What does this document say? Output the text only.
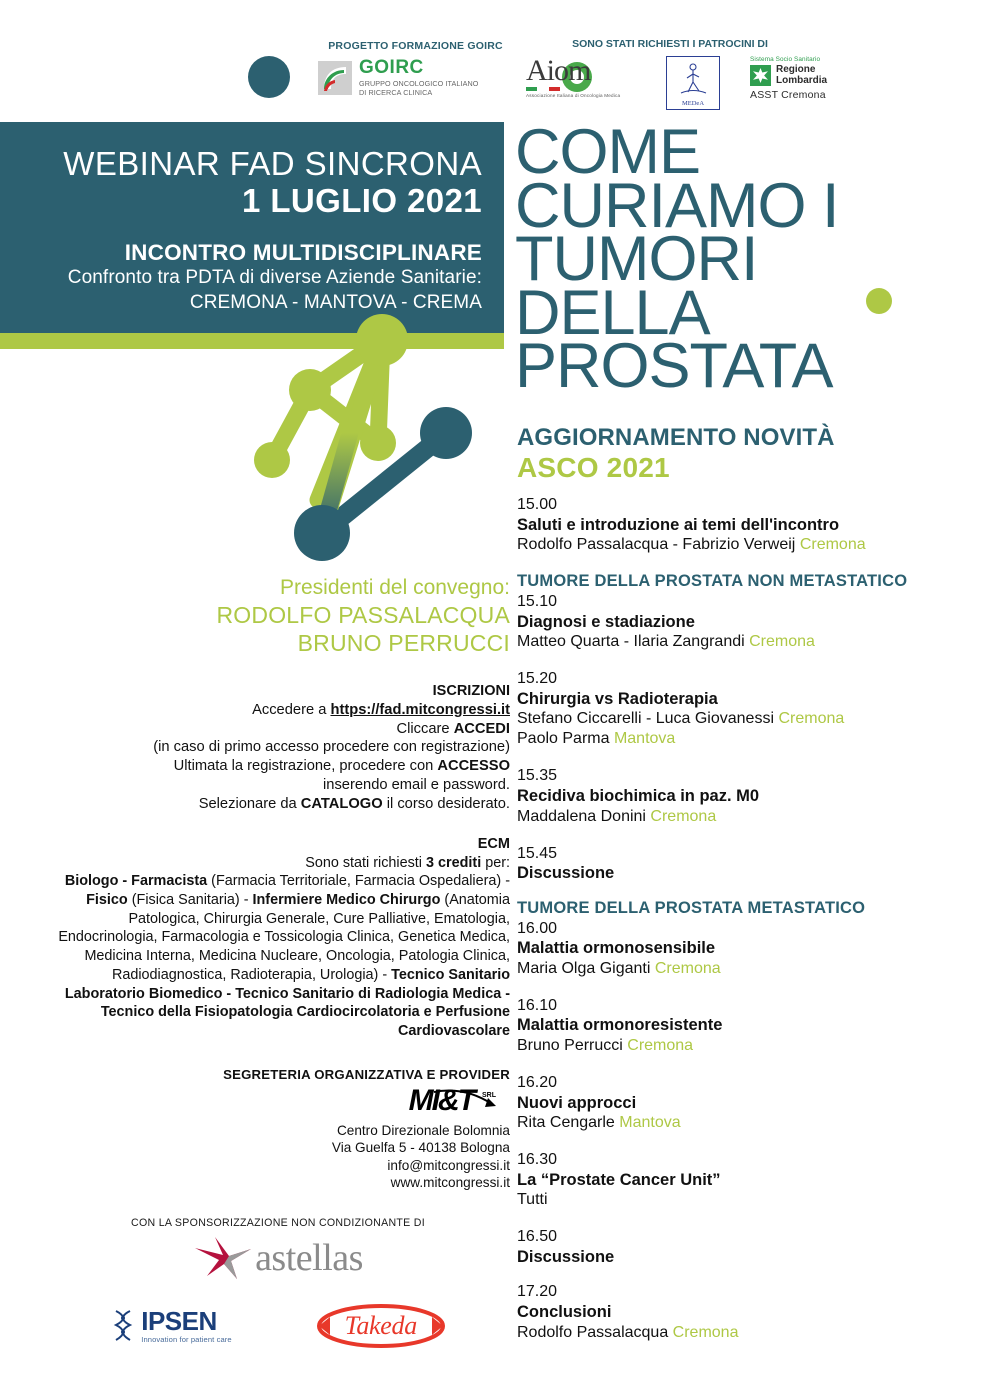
PROGETTO FORMAZIONE GOIRC
GOIRC
GRUPPO ONCOLOGICO ITALIANO
DI RICERCA CLINICA
SONO STATI RICHIESTI I PATROCINI DI
Aiom
Associazione Italiana di Oncologia Medica
MEDeA
Sistema Socio Sanitario
Regione
Lombardia
ASST Cremona
WEBINAR FAD SINCRONA
1 LUGLIO 2021
INCONTRO MULTIDISCIPLINARE
Confronto tra PDTA di diverse Aziende Sanitarie:
CREMONA - MANTOVA - CREMA
COME
CURIAMO I
TUMORI
DELLA
PROSTATA
AGGIORNAMENTO NOVITÀ
ASCO 2021
Presidenti del convegno:
RODOLFO PASSALACQUA
BRUNO PERRUCCI
ISCRIZIONI
Accedere a https://fad.mitcongressi.it
Cliccare ACCEDI
(in caso di primo accesso procedere con registrazione)
Ultimata la registrazione, procedere con ACCESSO
inserendo email e password.
Selezionare da CATALOGO il corso desiderato.
ECM
Sono stati richiesti 3 crediti per:
Biologo - Farmacista (Farmacia Territoriale, Farmacia Ospedaliera) - Fisico (Fisica Sanitaria) - Infermiere Medico Chirurgo (Anatomia Patologica, Chirurgia Generale, Cure Palliative, Ematologia, Endocrinologia, Farmacologia e Tossicologia Clinica, Genetica Medica, Medicina Interna, Medicina Nucleare, Oncologia, Patologia Clinica, Radiodiagnostica, Radioterapia, Urologia) - Tecnico Sanitario Laboratorio Biomedico - Tecnico Sanitario di Radiologia Medica - Tecnico della Fisiopatologia Cardiocircolatoria e Perfusione Cardiovascolare
SEGRETERIA ORGANIZZATIVA E PROVIDER
MI&T SRL
Centro Direzionale Bolomnia
Via Guelfa 5 - 40138 Bologna
info@mitcongressi.it
www.mitcongressi.it
CON LA SPONSORIZZAZIONE NON CONDIZIONANTE DI
astellas
IPSEN
Innovation for patient care	Takeda
15.00
Saluti e introduzione ai temi dell'incontro
Rodolfo Passalacqua - Fabrizio Verweij Cremona
TUMORE DELLA PROSTATA NON METASTATICO
15.10
Diagnosi e stadiazione
Matteo Quarta - Ilaria Zangrandi Cremona
15.20
Chirurgia vs Radioterapia
Stefano Ciccarelli - Luca Giovanessi Cremona
Paolo Parma Mantova
15.35
Recidiva biochimica in paz. M0
Maddalena Donini Cremona
15.45
Discussione
TUMORE DELLA PROSTATA METASTATICO
16.00
Malattia ormonosensibile
Maria Olga Giganti Cremona
16.10
Malattia ormonoresistente
Bruno Perrucci Cremona
16.20
Nuovi approcci
Rita Cengarle Mantova
16.30
La “Prostate Cancer Unit”
Tutti
16.50
Discussione
17.20
Conclusioni
Rodolfo Passalacqua Cremona
